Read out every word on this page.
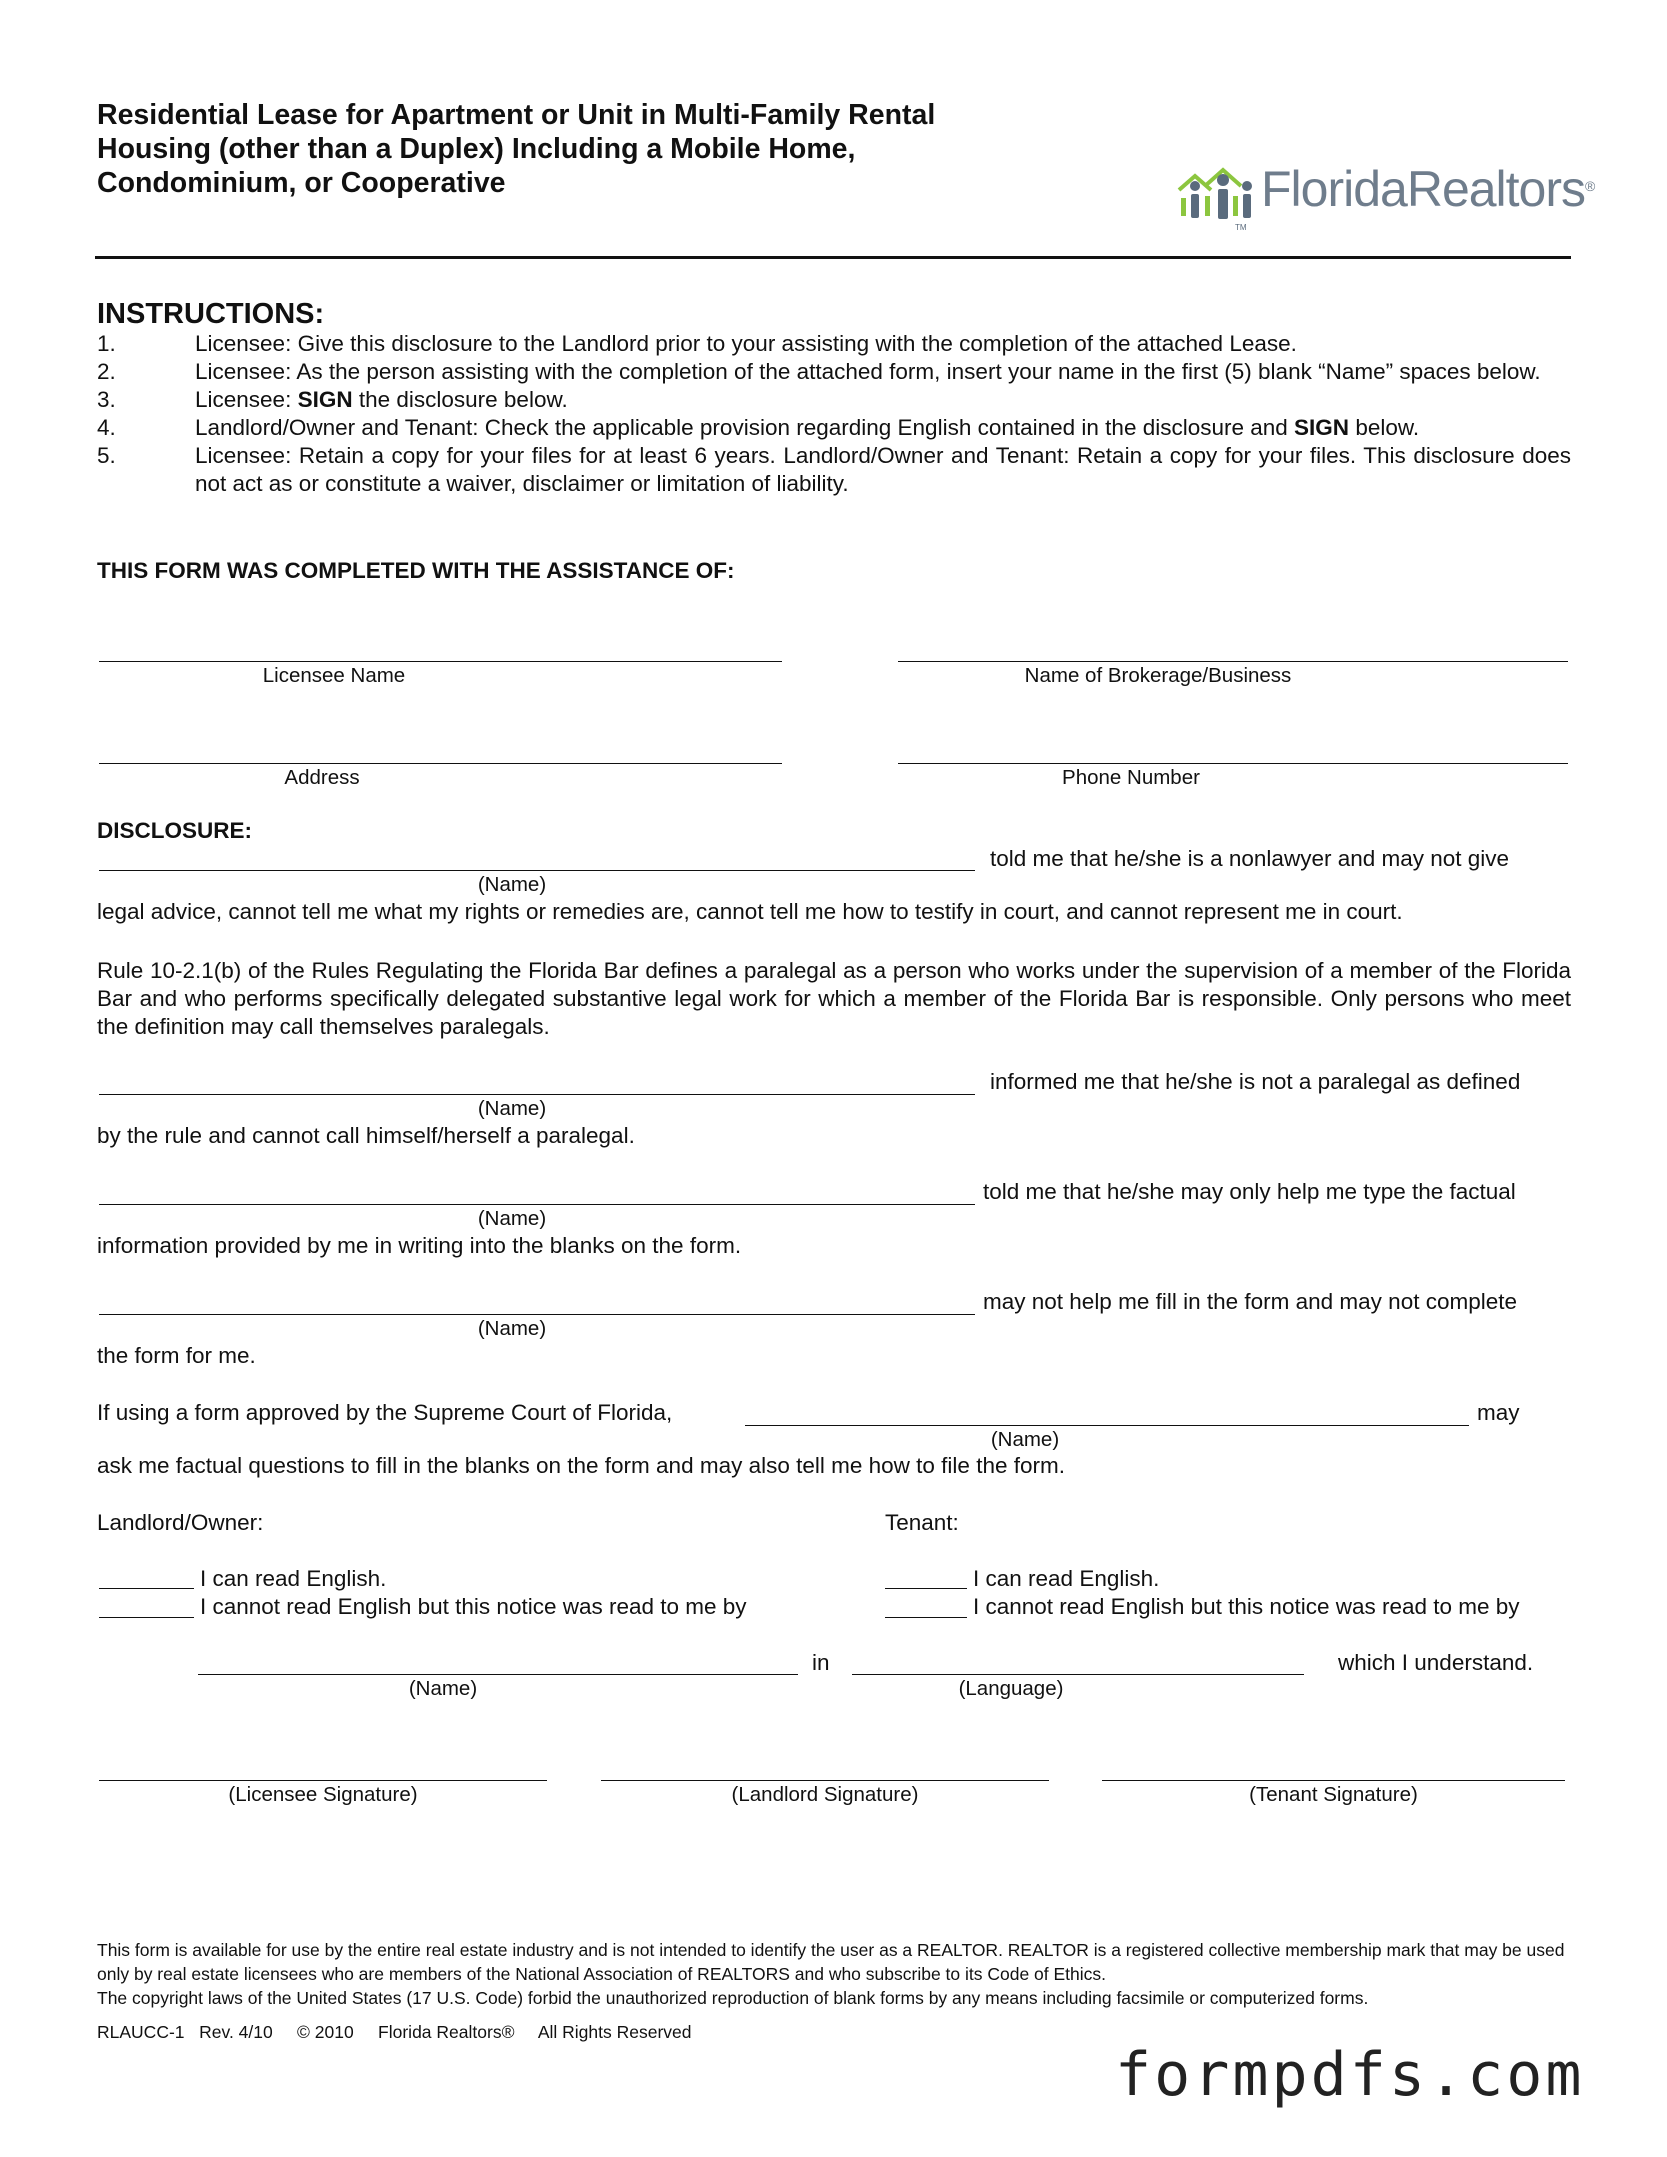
Residential Lease for Apartment or Unit in Multi-Family Rental Housing (other than a Duplex) Including a Mobile Home, Condominium, or Cooperative
TM
FloridaRealtors®
INSTRUCTIONS:
1.	Licensee: Give this disclosure to the Landlord prior to your assisting with the completion of the attached Lease.
2.	Licensee: As the person assisting with the completion of the attached form, insert your name in the first (5) blank “Name” spaces below.
3.	Licensee: SIGN the disclosure below.
4.	Landlord/Owner and Tenant: Check the applicable provision regarding English contained in the disclosure and SIGN below.
5.	Licensee: Retain a copy for your files for at least 6 years. Landlord/Owner and Tenant: Retain a copy for your files. This disclosure does not act as or constitute a waiver, disclaimer or limitation of liability.
THIS FORM WAS COMPLETED WITH THE ASSISTANCE OF:
Licensee Name	Name of Brokerage/Business
Address	Phone Number
DISCLOSURE:
told me that he/she is a nonlawyer and may not give
(Name)
legal advice, cannot tell me what my rights or remedies are, cannot tell me how to testify in court, and cannot represent me in court.
Rule 10-2.1(b) of the Rules Regulating the Florida Bar defines a paralegal as a person who works under the supervision of a member of the Florida Bar and who performs specifically delegated substantive legal work for which a member of the Florida Bar is responsible. Only persons who meet the definition may call themselves paralegals.
informed me that he/she is not a paralegal as defined
(Name)
by the rule and cannot call himself/herself a paralegal.
told me that he/she may only help me type the factual
(Name)
information provided by me in writing into the blanks on the form.
may not help me fill in the form and may not complete
(Name)
the form for me.
If using a form approved by the Supreme Court of Florida,	may
(Name)
ask me factual questions to fill in the blanks on the form and may also tell me how to file the form.
Landlord/Owner:	Tenant:
I can read English.
I cannot read English but this notice was read to me by
I can read English.
I cannot read English but this notice was read to me by
in	which I understand.
(Name)	(Language)
(Licensee Signature)	(Landlord Signature)	(Tenant Signature)
This form is available for use by the entire real estate industry and is not intended to identify the user as a REALTOR. REALTOR is a registered collective membership mark that may be used only by real estate licensees who are members of the National Association of REALTORS and who subscribe to its Code of Ethics.
The copyright laws of the United States (17 U.S. Code) forbid the unauthorized reproduction of blank forms by any means including facsimile or computerized forms.
RLAUCC-1 Rev. 4/10 © 2010 Florida Realtors® All Rights Reserved
formpdfs.com
